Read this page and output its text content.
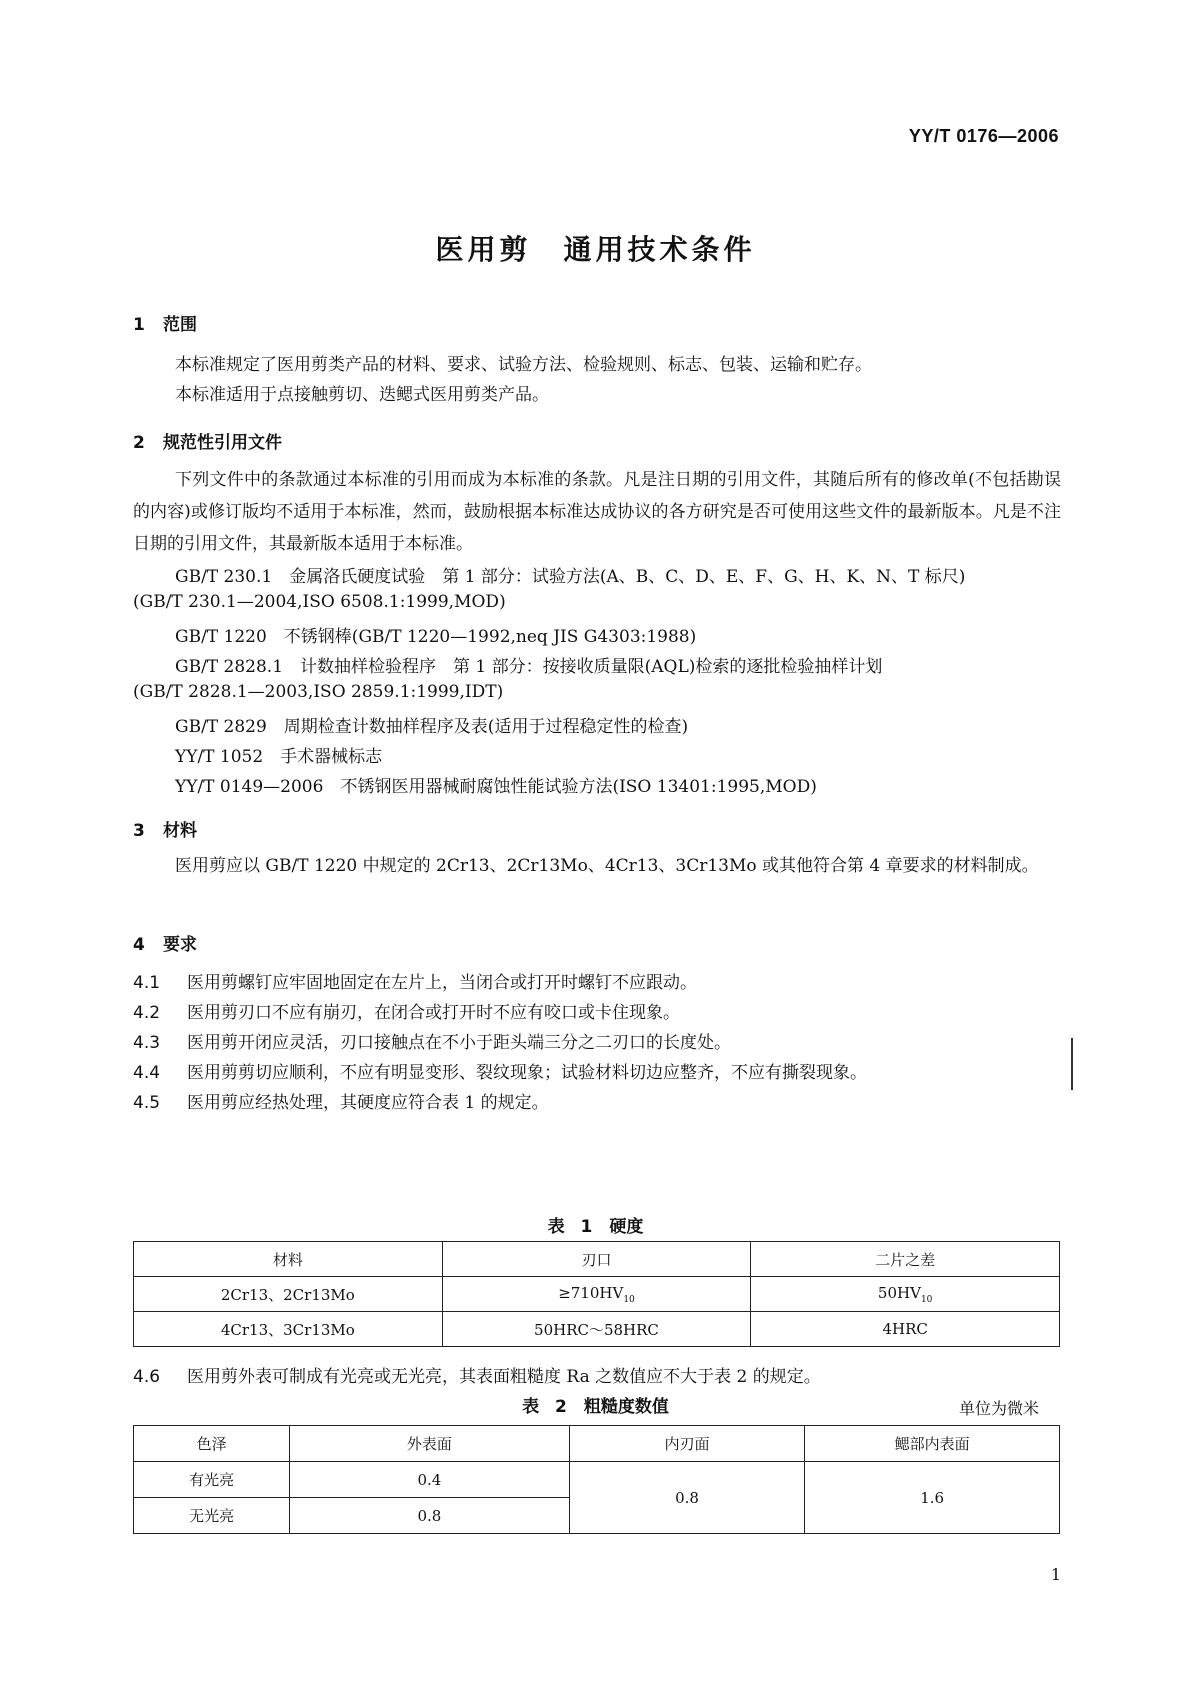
YY/T 0176—2006
医用剪　通用技术条件
1 范围
本标准规定了医用剪类产品的材料、要求、试验方法、检验规则、标志、包装、运输和贮存。
本标准适用于点接触剪切、迭鳃式医用剪类产品。
2 规范性引用文件
下列文件中的条款通过本标准的引用而成为本标准的条款。凡是注日期的引用文件，其随后所有的修改单(不包括勘误的内容)或修订版均不适用于本标准，然而，鼓励根据本标准达成协议的各方研究是否可使用这些文件的最新版本。凡是不注日期的引用文件，其最新版本适用于本标准。
GB/T 230.1　金属洛氏硬度试验　第 1 部分：试验方法(A、B、C、D、E、F、G、H、K、N、T 标尺)
(GB/T 230.1—2004,ISO 6508.1:1999,MOD)
GB/T 1220　不锈钢棒(GB/T 1220—1992,neq JIS G4303:1988)
GB/T 2828.1　计数抽样检验程序　第 1 部分：按接收质量限(AQL)检索的逐批检验抽样计划
(GB/T 2828.1—2003,ISO 2859.1:1999,IDT)
GB/T 2829　周期检查计数抽样程序及表(适用于过程稳定性的检查)
YY/T 1052　手术器械标志
YY/T 0149—2006　不锈钢医用器械耐腐蚀性能试验方法(ISO 13401:1995,MOD)
3 材料
医用剪应以 GB/T 1220 中规定的 2Cr13、2Cr13Mo、4Cr13、3Cr13Mo 或其他符合第 4 章要求的材料制成。
4 要求
4.1 医用剪螺钉应牢固地固定在左片上，当闭合或打开时螺钉不应跟动。
4.2 医用剪刃口不应有崩刃，在闭合或打开时不应有咬口或卡住现象。
4.3 医用剪开闭应灵活，刃口接触点在不小于距头端三分之二刃口的长度处。
4.4 医用剪剪切应顺利，不应有明显变形、裂纹现象；试验材料切边应整齐，不应有撕裂现象。
4.5 医用剪应经热处理，其硬度应符合表 1 的规定。
表 1　硬度
材料	刃口	二片之差
2Cr13、2Cr13Mo	$\ge 710HV_{10}$	$50HV_{10}$
4Cr13、3Cr13Mo	50HRC～58HRC	4HRC
4.6 医用剪外表可制成有光亮或无光亮，其表面粗糙度 Ra 之数值应不大于表 2 的规定。
表 2　粗糙度数值	单位为微米
色泽	外表面	内刃面	鳃部内表面
有光亮	0.4	0.8	1.6
无光亮	0.8		
1
